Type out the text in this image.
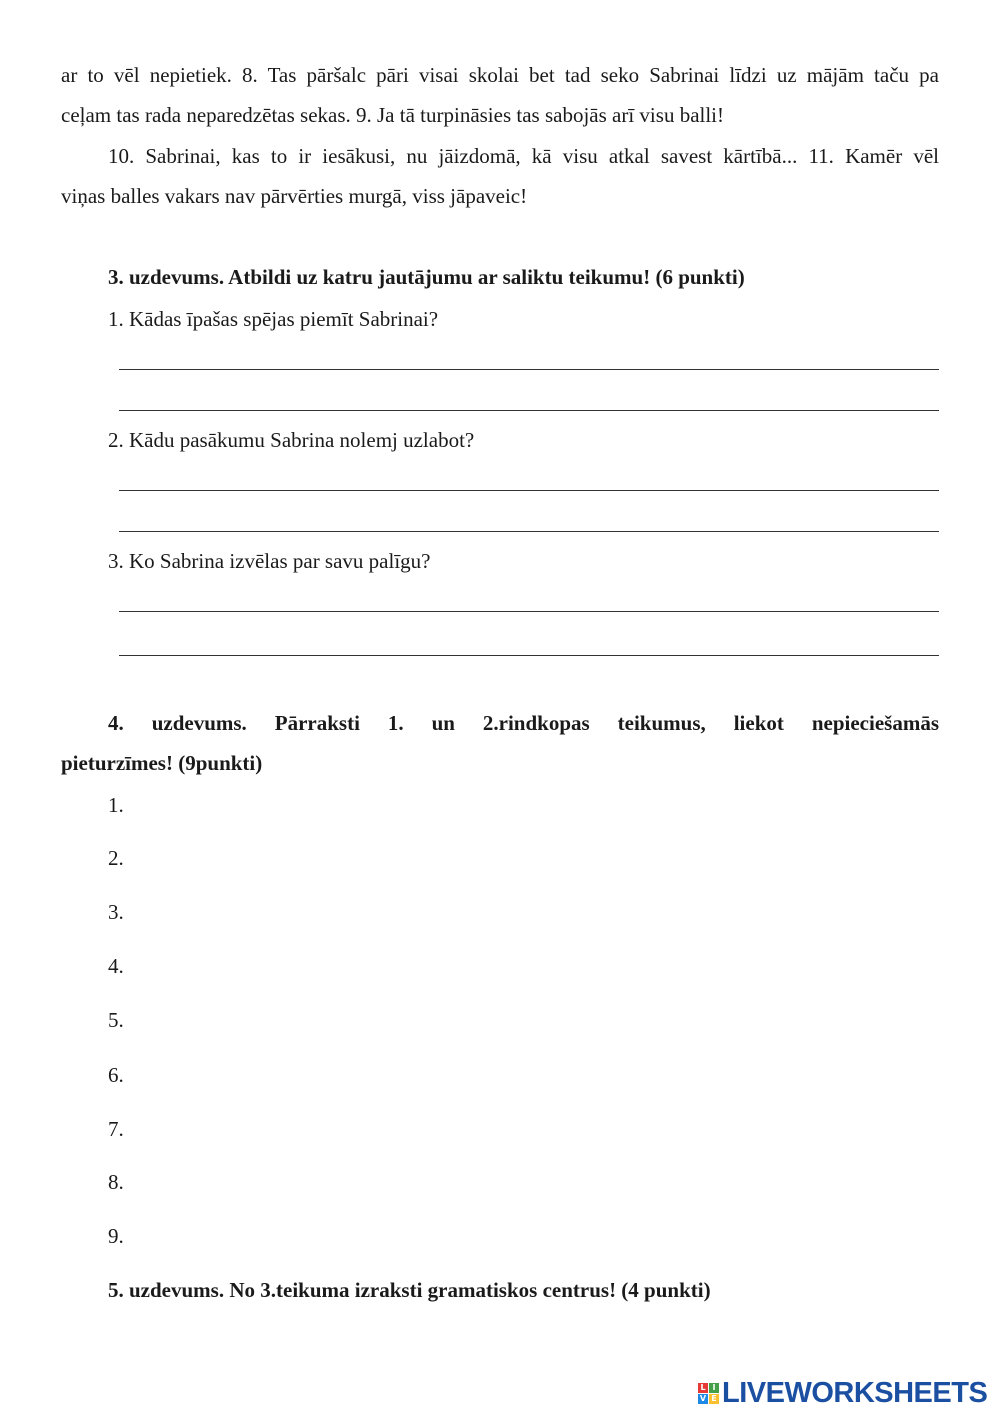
ar to vēl nepietiek. 8. Tas pāršalc pāri visai skolai bet tad seko Sabrinai līdzi uz mājām taču pa
ceļam tas rada neparedzētas sekas. 9. Ja tā turpināsies tas sabojās arī visu balli!
10. Sabrinai, kas to ir iesākusi, nu jāizdomā, kā visu atkal savest kārtībā... 11. Kamēr vēl
viņas balles vakars nav pārvērties murgā, viss jāpaveic!
3. uzdevums. Atbildi uz katru jautājumu ar saliktu teikumu! (6 punkti)
1. Kādas īpašas spējas piemīt Sabrinai?
2. Kādu pasākumu Sabrina nolemj uzlabot?
3. Ko Sabrina izvēlas par savu palīgu?
4. uzdevums. Pārraksti 1. un 2.rindkopas teikumus, liekot nepieciešamās
pieturzīmes! (9punkti)
1.
2.
3.
4.
5.
6.
7.
8.
9.
5. uzdevums. No 3.teikuma izraksti gramatiskos centrus! (4 punkti)
L I
V E LIVEWORKSHEETS
